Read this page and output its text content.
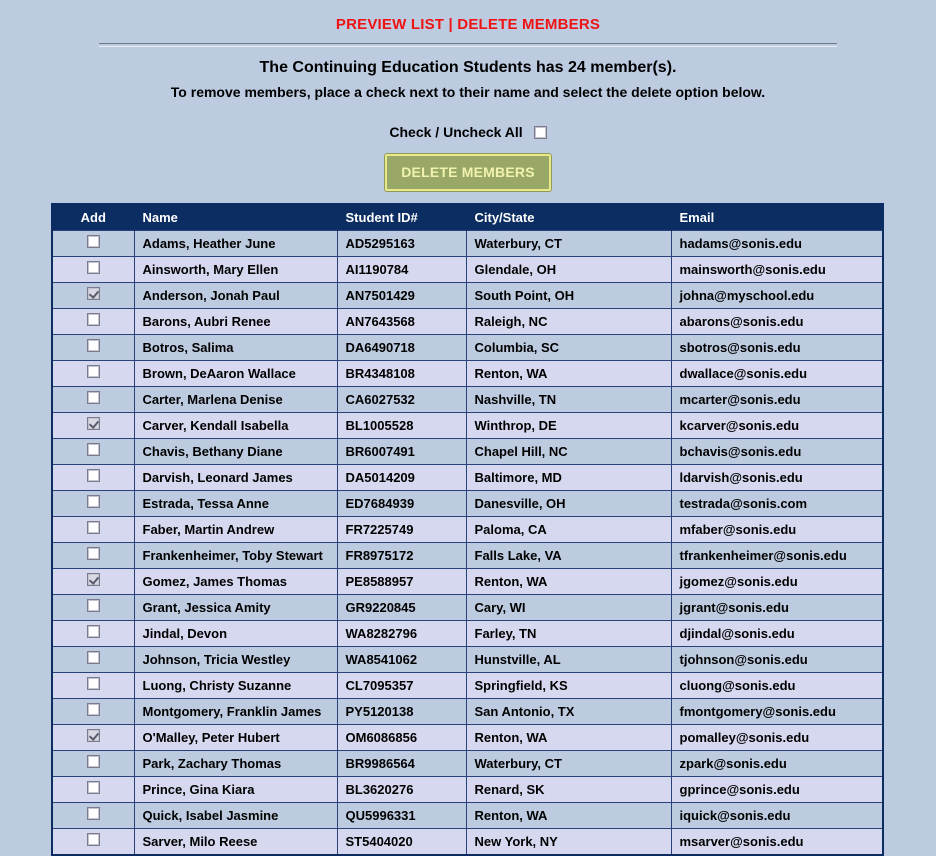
PREVIEW LIST | DELETE MEMBERS
The Continuing Education Students has 24 member(s).
To remove members, place a check next to their name and select the delete option below.
Check / Uncheck All
DELETE MEMBERS
Add	Name	Student ID#	City/State	Email
	Adams, Heather June	AD5295163	Waterbury, CT	hadams@sonis.edu
	Ainsworth, Mary Ellen	AI1190784	Glendale, OH	mainsworth@sonis.edu
	Anderson, Jonah Paul	AN7501429	South Point, OH	johna@myschool.edu
	Barons, Aubri Renee	AN7643568	Raleigh, NC	abarons@sonis.edu
	Botros, Salima	DA6490718	Columbia, SC	sbotros@sonis.edu
	Brown, DeAaron Wallace	BR4348108	Renton, WA	dwallace@sonis.edu
	Carter, Marlena Denise	CA6027532	Nashville, TN	mcarter@sonis.edu
	Carver, Kendall Isabella	BL1005528	Winthrop, DE	kcarver@sonis.edu
	Chavis, Bethany Diane	BR6007491	Chapel Hill, NC	bchavis@sonis.edu
	Darvish, Leonard James	DA5014209	Baltimore, MD	ldarvish@sonis.edu
	Estrada, Tessa Anne	ED7684939	Danesville, OH	testrada@sonis.com
	Faber, Martin Andrew	FR7225749	Paloma, CA	mfaber@sonis.edu
	Frankenheimer, Toby Stewart	FR8975172	Falls Lake, VA	tfrankenheimer@sonis.edu
	Gomez, James Thomas	PE8588957	Renton, WA	jgomez@sonis.edu
	Grant, Jessica Amity	GR9220845	Cary, WI	jgrant@sonis.edu
	Jindal, Devon	WA8282796	Farley, TN	djindal@sonis.edu
	Johnson, Tricia Westley	WA8541062	Hunstville, AL	tjohnson@sonis.edu
	Luong, Christy Suzanne	CL7095357	Springfield, KS	cluong@sonis.edu
	Montgomery, Franklin James	PY5120138	San Antonio, TX	fmontgomery@sonis.edu
	O'Malley, Peter Hubert	OM6086856	Renton, WA	pomalley@sonis.edu
	Park, Zachary Thomas	BR9986564	Waterbury, CT	zpark@sonis.edu
	Prince, Gina Kiara	BL3620276	Renard, SK	gprince@sonis.edu
	Quick, Isabel Jasmine	QU5996331	Renton, WA	iquick@sonis.edu
	Sarver, Milo Reese	ST5404020	New York, NY	msarver@sonis.edu
